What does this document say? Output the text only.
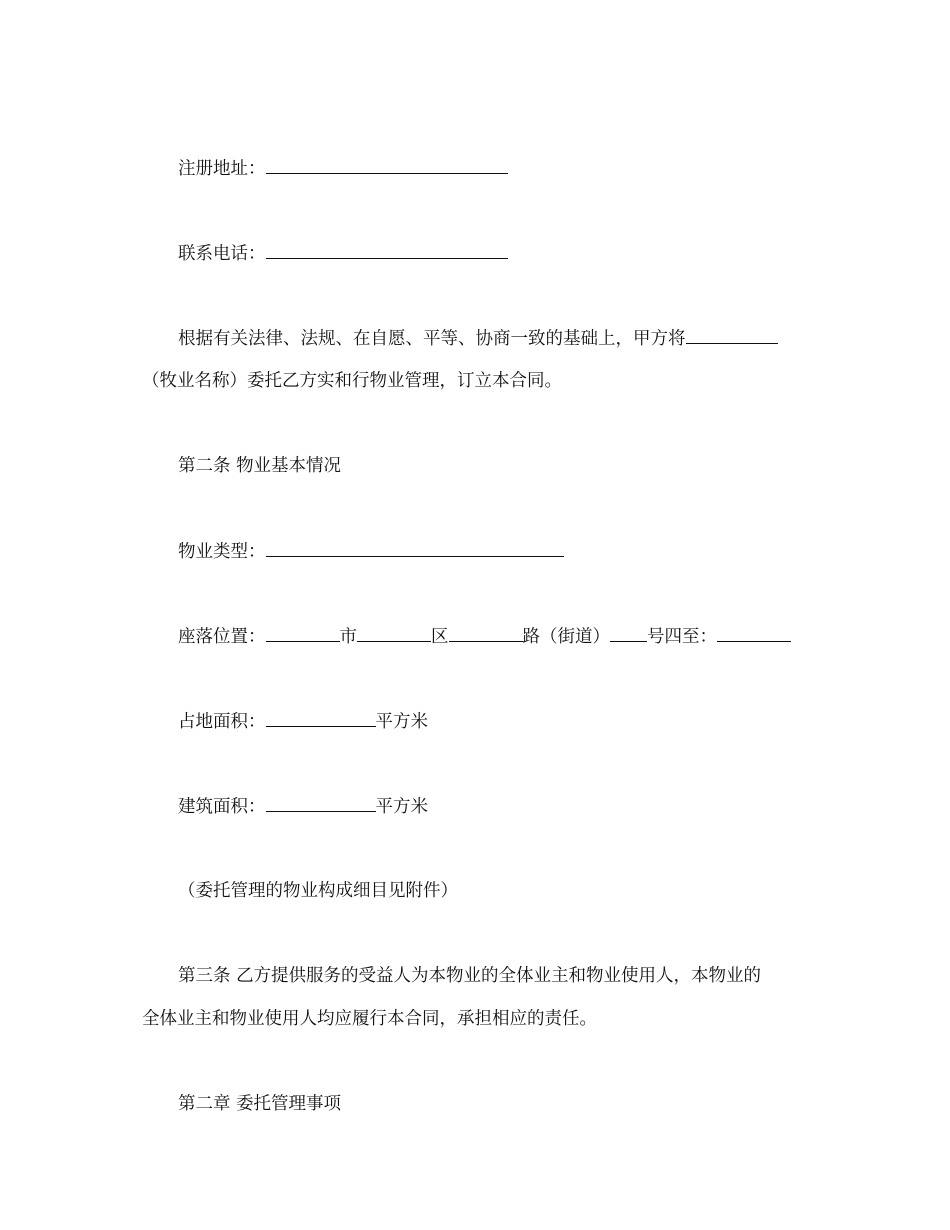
注册地址：
联系电话：
根据有关法律、法规、在自愿、平等、协商一致的基础上，甲方将
（牧业名称）委托乙方实和行物业管理，订立本合同。
第二条 物业基本情况
物业类型：
座落位置：	市	区	路（街道） 号四至：
占地面积：	平方米
建筑面积：	平方米
（委托管理的物业构成细目见附件）
第三条 乙方提供服务的受益人为本物业的全体业主和物业使用人，本物业的
全体业主和物业使用人均应履行本合同，承担相应的责任。
第二章 委托管理事项
